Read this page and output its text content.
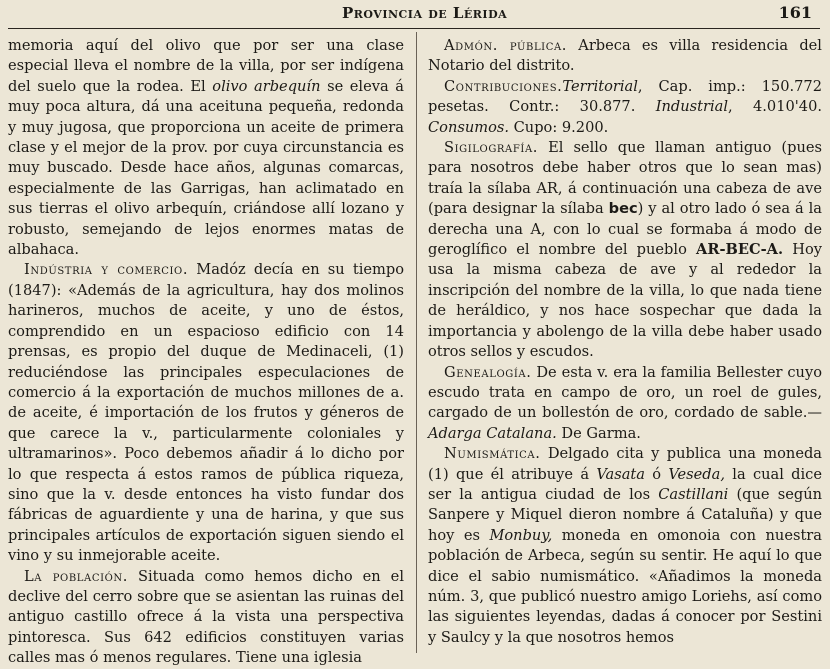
Provincia de Lérida	161

memoria aquí del olivo que por ser una clase especial lleva el nombre de la villa, por ser indígena del suelo que la rodea. El olivo arbequín se eleva á muy poca altura, dá una aceituna pequeña, redonda y muy jugosa, que proporciona un aceite de primera clase y el mejor de la prov. por cuya circunstancia es muy buscado. Desde hace años, algunas comarcas, especialmente de las Garrigas, han aclimatado en sus tierras el olivo arbequín, criándose allí lozano y robusto, semejando de lejos enormes matas de albahaca.

Indústria y comercio. Madóz decía en su tiempo (1847): «Además de la agricultura, hay dos molinos harineros, muchos de aceite, y uno de éstos, comprendido en un espacioso edificio con 14 prensas, es propio del duque de Medinaceli, (1) reduciéndose las principales especulaciones de comercio á la exportación de muchos millones de a. de aceite, é importación de los frutos y géneros de que carece la v., particularmente coloniales y ultramarinos». Poco debemos añadir á lo dicho por lo que respecta á estos ramos de pública riqueza, sino que la v. desde entonces ha visto fundar dos fábricas de aguardiente y una de harina, y que sus principales artículos de exportación siguen siendo el vino y su inmejorable aceite.

La población. Situada como hemos dicho en el declive del cerro sobre que se asientan las ruinas del antiguo castillo ofrece á la vista una perspectiva pintoresca. Sus 642 edificios constituyen varias calles mas ó menos regulares. Tiene una iglesia

Admón. pública. Arbeca es villa residencia del Notario del distrito.

Contribuciones.Territorial, Cap. imp.: 150.772 pesetas. Contr.: 30.877. Industrial, 4.010'40. Consumos. Cupo: 9.200.

Sigilografía. El sello que llaman antiguo (pues para nosotros debe haber otros que lo sean mas) traía la sílaba AR, á continuación una cabeza de ave (para designar la sílaba bec) y al otro lado ó sea á la derecha una A, con lo cual se formaba á modo de geroglífico el nombre del pueblo AR-BEC-A. Hoy usa la misma cabeza de ave y al rededor la inscripción del nombre de la villa, lo que nada tiene de heráldico, y nos hace sospechar que dada la importancia y abolengo de la villa debe haber usado otros sellos y escudos.

Genealogía. De esta v. era la familia Bellester cuyo escudo trata en campo de oro, un roel de gules, cargado de un bollestón de oro, cordado de sable.—Adarga Catalana. De Garma.

Numismática. Delgado cita y publica una moneda (1) que él atribuye á Vasata ó Veseda, la cual dice ser la antigua ciudad de los Castillani (que según Sanpere y Miquel dieron nombre á Cataluña) y que hoy es Monbuy, moneda en omonoia con nuestra población de Arbeca, según su sentir. He aquí lo que dice el sabio numismático. «Añadimos la moneda núm. 3, que publicó nuestro amigo Loriehs, así como las siguientes leyendas, dadas á conocer por Sestini y Saulcy y la que nosotros hemos
